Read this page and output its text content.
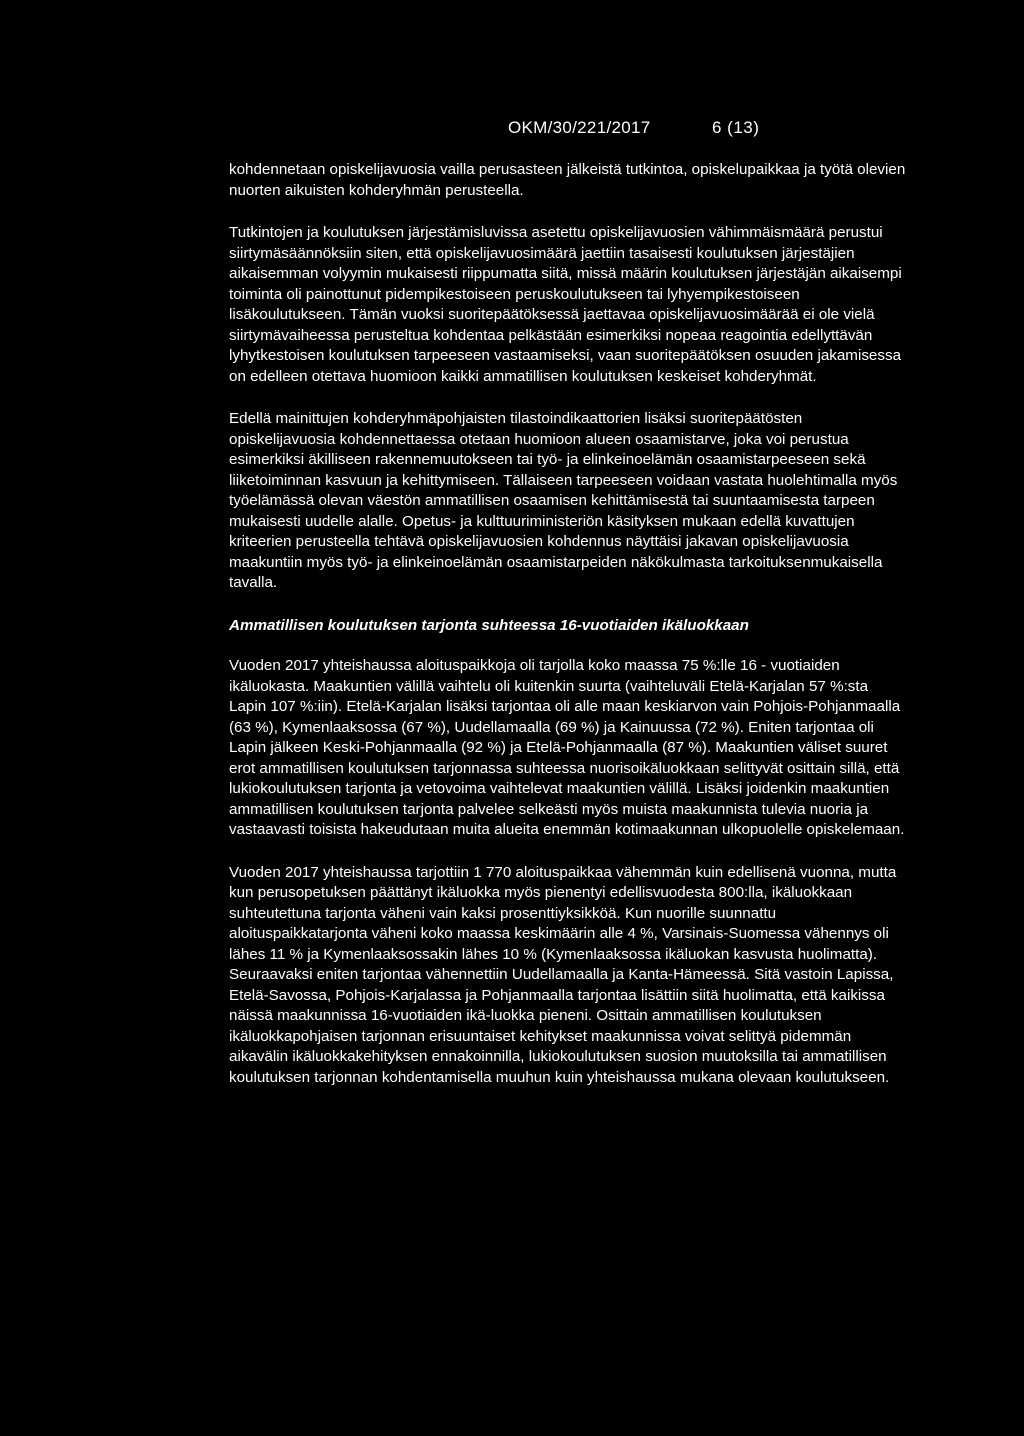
OKM/30/221/2017	6 (13)

kohdennetaan opiskelijavuosia vailla perusasteen jälkeistä tutkintoa, opiskelupaikkaa ja työtä olevien nuorten aikuisten kohderyhmän perusteella.

Tutkintojen ja koulutuksen järjestämisluvissa asetettu opiskelijavuosien vähimmäismäärä perustui siirtymäsäännöksiin siten, että opiskelijavuosimäärä jaettiin tasaisesti koulutuksen järjestäjien aikaisemman volyymin mukaisesti riippumatta siitä, missä määrin koulutuksen järjestäjän aikaisempi toiminta oli painottunut pidempikestoiseen peruskoulutukseen tai lyhyempikestoiseen lisäkoulutukseen. Tämän vuoksi suoritepäätöksessä jaettavaa opiskelijavuosimäärää ei ole vielä siirtymävaiheessa perusteltua kohdentaa pelkästään esimerkiksi nopeaa reagointia edellyttävän lyhytkestoisen koulutuksen tarpeeseen vastaamiseksi, vaan suoritepäätöksen osuuden jakamisessa on edelleen otettava huomioon kaikki ammatillisen koulutuksen keskeiset kohderyhmät.

Edellä mainittujen kohderyhmäpohjaisten tilastoindikaattorien lisäksi suoritepäätösten opiskelijavuosia kohdennettaessa otetaan huomioon alueen osaamistarve, joka voi perustua esimerkiksi äkilliseen rakennemuutokseen tai työ- ja elinkeinoelämän osaamistarpeeseen sekä liiketoiminnan kasvuun ja kehittymiseen. Tällaiseen tarpeeseen voidaan vastata huolehtimalla myös työelämässä olevan väestön ammatillisen osaamisen kehittämisestä tai suuntaamisesta tarpeen mukaisesti uudelle alalle. Opetus- ja kulttuuriministeriön käsityksen mukaan edellä kuvattujen kriteerien perusteella tehtävä opiskelijavuosien kohdennus näyttäisi jakavan opiskelijavuosia maakuntiin myös työ- ja elinkeinoelämän osaamistarpeiden näkökulmasta tarkoituksenmukaisella tavalla.

Ammatillisen koulutuksen tarjonta suhteessa 16-vuotiaiden ikäluokkaan

Vuoden 2017 yhteishaussa aloituspaikkoja oli tarjolla koko maassa 75 %:lle 16 - vuotiaiden ikäluokasta. Maakuntien välillä vaihtelu oli kuitenkin suurta (vaihteluväli Etelä-Karjalan 57 %:sta Lapin 107 %:iin). Etelä-Karjalan lisäksi tarjontaa oli alle maan keskiarvon vain Pohjois-Pohjanmaalla (63 %), Kymenlaaksossa (67 %), Uudellamaalla (69 %) ja Kainuussa (72 %). Eniten tarjontaa oli Lapin jälkeen Keski-Pohjanmaalla (92 %) ja Etelä-Pohjanmaalla (87 %). Maakuntien väliset suuret erot ammatillisen koulutuksen tarjonnassa suhteessa nuorisoikäluokkaan selittyvät osittain sillä, että lukiokoulutuksen tarjonta ja vetovoima vaihtelevat maakuntien välillä. Lisäksi joidenkin maakuntien ammatillisen koulutuksen tarjonta palvelee selkeästi myös muista maakunnista tulevia nuoria ja vastaavasti toisista hakeudutaan muita alueita enemmän kotimaakunnan ulkopuolelle opiskelemaan.

Vuoden 2017 yhteishaussa tarjottiin 1 770 aloituspaikkaa vähemmän kuin edellisenä vuonna, mutta kun perusopetuksen päättänyt ikäluokka myös pienentyi edellisvuodesta 800:lla, ikäluokkaan suhteutettuna tarjonta väheni vain kaksi prosenttiyksikköä. Kun nuorille suunnattu aloituspaikkatarjonta väheni koko maassa keskimäärin alle 4 %, Varsinais-Suomessa vähennys oli lähes 11 % ja Kymenlaaksossakin lähes 10 % (Kymenlaaksossa ikäluokan kasvusta huolimatta). Seuraavaksi eniten tarjontaa vähennettiin Uudellamaalla ja Kanta-Hämeessä. Sitä vastoin Lapissa, Etelä-Savossa, Pohjois-Karjalassa ja Pohjanmaalla tarjontaa lisättiin siitä huolimatta, että kaikissa näissä maakunnissa 16-vuotiaiden ikä-luokka pieneni. Osittain ammatillisen koulutuksen ikäluokkapohjaisen tarjonnan erisuuntaiset kehitykset maakunnissa voivat selittyä pidemmän aikavälin ikäluokkakehityksen ennakoinnilla, lukiokoulutuksen suosion muutoksilla tai ammatillisen koulutuksen tarjonnan kohdentamisella muuhun kuin yhteishaussa mukana olevaan koulutukseen.
